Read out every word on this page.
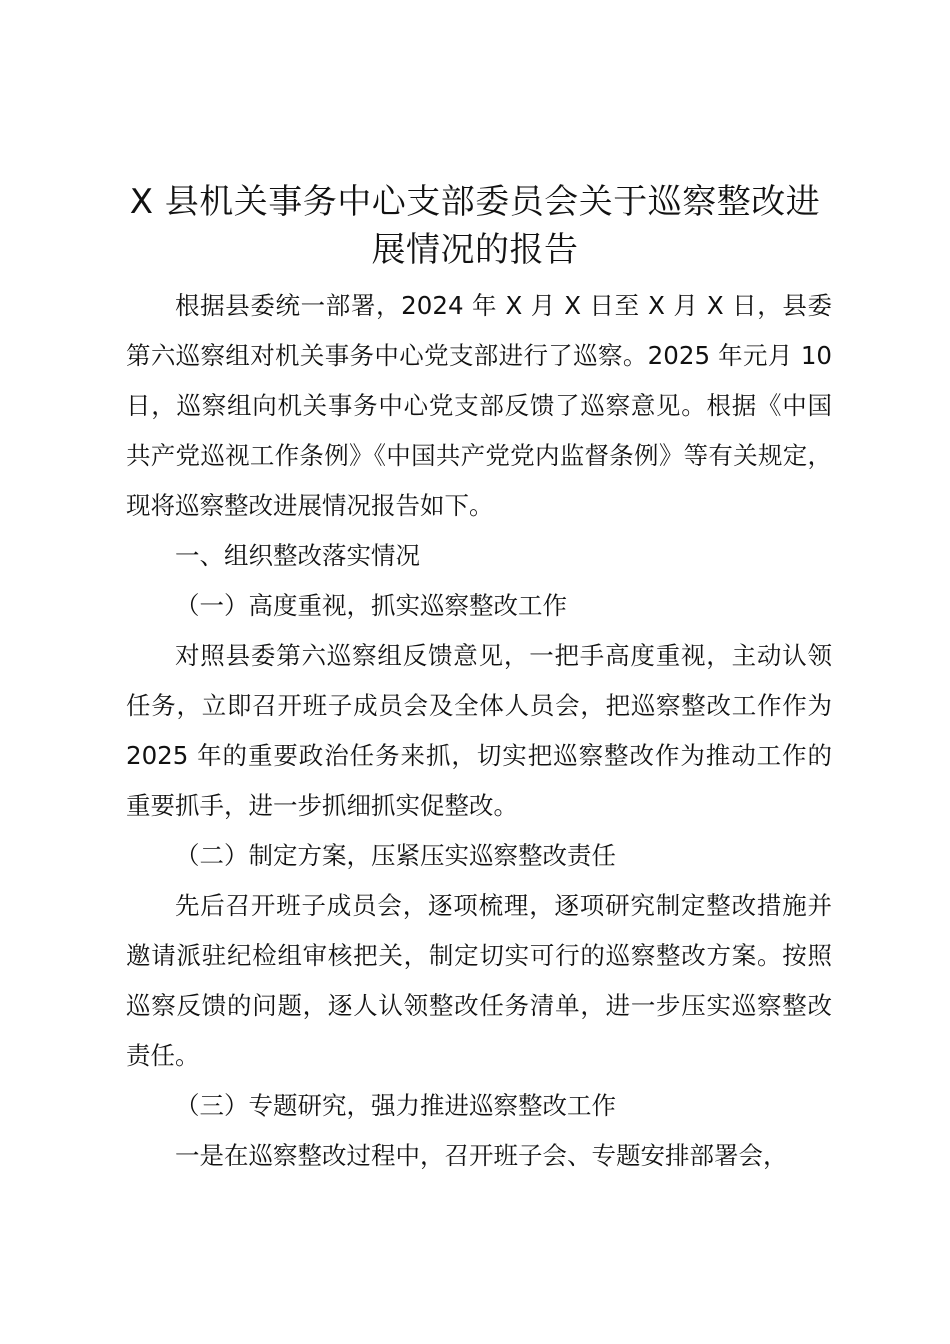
X 县机关事务中心支部委员会关于巡察整改进
展情况的报告

根据县委统一部署，2024 年 X 月 X 日至 X 月 X 日，县委第六巡察组对机关事务中心党支部进行了巡察。2025 年元月 10 日，巡察组向机关事务中心党支部反馈了巡察意见。根据《中国共产党巡视工作条例》《中国共产党党内监督条例》等有关规定，现将巡察整改进展情况报告如下。

一、组织整改落实情况

（一）高度重视，抓实巡察整改工作

对照县委第六巡察组反馈意见，一把手高度重视，主动认领任务，立即召开班子成员会及全体人员会，把巡察整改工作作为 2025 年的重要政治任务来抓，切实把巡察整改作为推动工作的重要抓手，进一步抓细抓实促整改。

（二）制定方案，压紧压实巡察整改责任

先后召开班子成员会，逐项梳理，逐项研究制定整改措施并邀请派驻纪检组审核把关，制定切实可行的巡察整改方案。按照巡察反馈的问题，逐人认领整改任务清单，进一步压实巡察整改责任。

（三）专题研究，强力推进巡察整改工作

一是在巡察整改过程中，召开班子会、专题安排部署会，
